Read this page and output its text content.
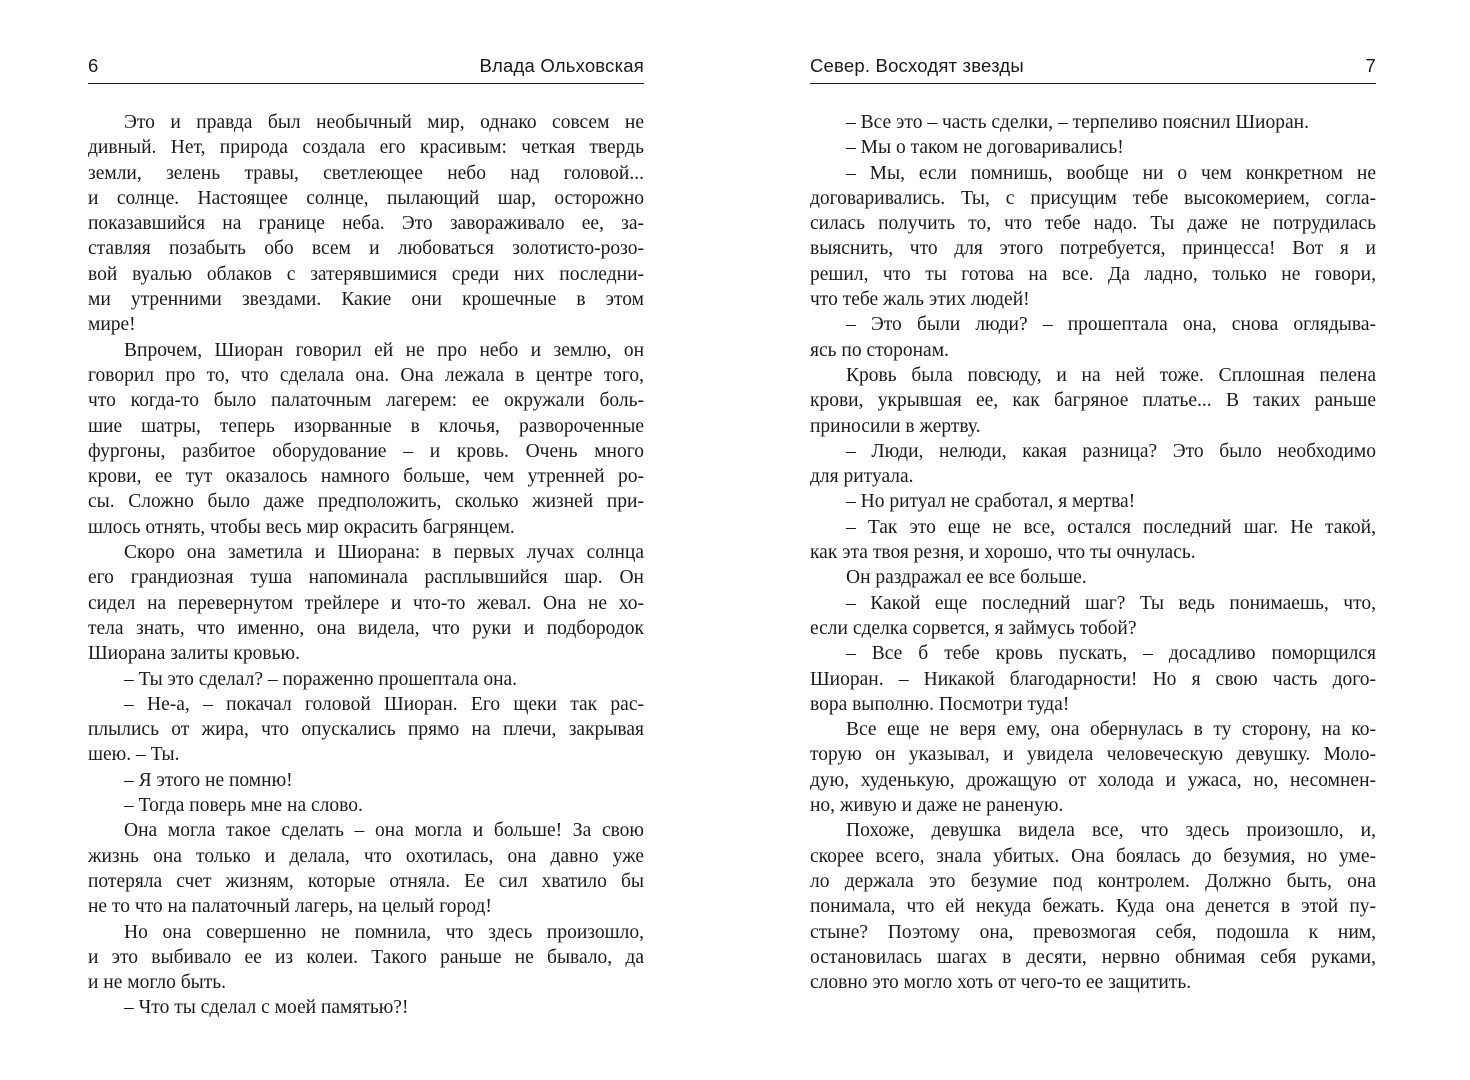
6	Влада Ольховская
Это и правда был необычный мир, однако совсем не
дивный. Нет, природа создала его красивым: четкая твердь
земли, зелень травы, светлеющее небо над головой...
и солнце. Настоящее солнце, пылающий шар, осторожно
показавшийся на границе неба. Это завораживало ее, за-
ставляя позабыть обо всем и любоваться золотисто-розо-
вой вуалью облаков с затерявшимися среди них последни-
ми утренними звездами. Какие они крошечные в этом
мире!
Впрочем, Шиоран говорил ей не про небо и землю, он
говорил про то, что сделала она. Она лежала в центре того,
что когда-то было палаточным лагерем: ее окружали боль-
шие шатры, теперь изорванные в клочья, развороченные
фургоны, разбитое оборудование – и кровь. Очень много
крови, ее тут оказалось намного больше, чем утренней ро-
сы. Сложно было даже предположить, сколько жизней при-
шлось отнять, чтобы весь мир окрасить багрянцем.
Скоро она заметила и Шиорана: в первых лучах солнца
его грандиозная туша напоминала расплывшийся шар. Он
сидел на перевернутом трейлере и что-то жевал. Она не хо-
тела знать, что именно, она видела, что руки и подбородок
Шиорана залиты кровью.
– Ты это сделал? – пораженно прошептала она.
– Не-а, – покачал головой Шиоран. Его щеки так рас-
плылись от жира, что опускались прямо на плечи, закрывая
шею. – Ты.
– Я этого не помню!
– Тогда поверь мне на слово.
Она могла такое сделать – она могла и больше! За свою
жизнь она только и делала, что охотилась, она давно уже
потеряла счет жизням, которые отняла. Ее сил хватило бы
не то что на палаточный лагерь, на целый город!
Но она совершенно не помнила, что здесь произошло,
и это выбивало ее из колеи. Такого раньше не бывало, да
и не могло быть.
– Что ты сделал с моей памятью?!
Север. Восходят звезды	7
– Все это – часть сделки, – терпеливо пояснил Шиоран.
– Мы о таком не договаривались!
– Мы, если помнишь, вообще ни о чем конкретном не
договаривались. Ты, с присущим тебе высокомерием, согла-
силась получить то, что тебе надо. Ты даже не потрудилась
выяснить, что для этого потребуется, принцесса! Вот я и
решил, что ты готова на все. Да ладно, только не говори,
что тебе жаль этих людей!
– Это были люди? – прошептала она, снова оглядыва-
ясь по сторонам.
Кровь была повсюду, и на ней тоже. Сплошная пелена
крови, укрывшая ее, как багряное платье... В таких раньше
приносили в жертву.
– Люди, нелюди, какая разница? Это было необходимо
для ритуала.
– Но ритуал не сработал, я мертва!
– Так это еще не все, остался последний шаг. Не такой,
как эта твоя резня, и хорошо, что ты очнулась.
Он раздражал ее все больше.
– Какой еще последний шаг? Ты ведь понимаешь, что,
если сделка сорвется, я займусь тобой?
– Все б тебе кровь пускать, – досадливо поморщился
Шиоран. – Никакой благодарности! Но я свою часть дого-
вора выполню. Посмотри туда!
Все еще не веря ему, она обернулась в ту сторону, на ко-
торую он указывал, и увидела человеческую девушку. Моло-
дую, худенькую, дрожащую от холода и ужаса, но, несомнен-
но, живую и даже не раненую.
Похоже, девушка видела все, что здесь произошло, и,
скорее всего, знала убитых. Она боялась до безумия, но уме-
ло держала это безумие под контролем. Должно быть, она
понимала, что ей некуда бежать. Куда она денется в этой пу-
стыне? Поэтому она, превозмогая себя, подошла к ним,
остановилась шагах в десяти, нервно обнимая себя руками,
словно это могло хоть от чего-то ее защитить.
